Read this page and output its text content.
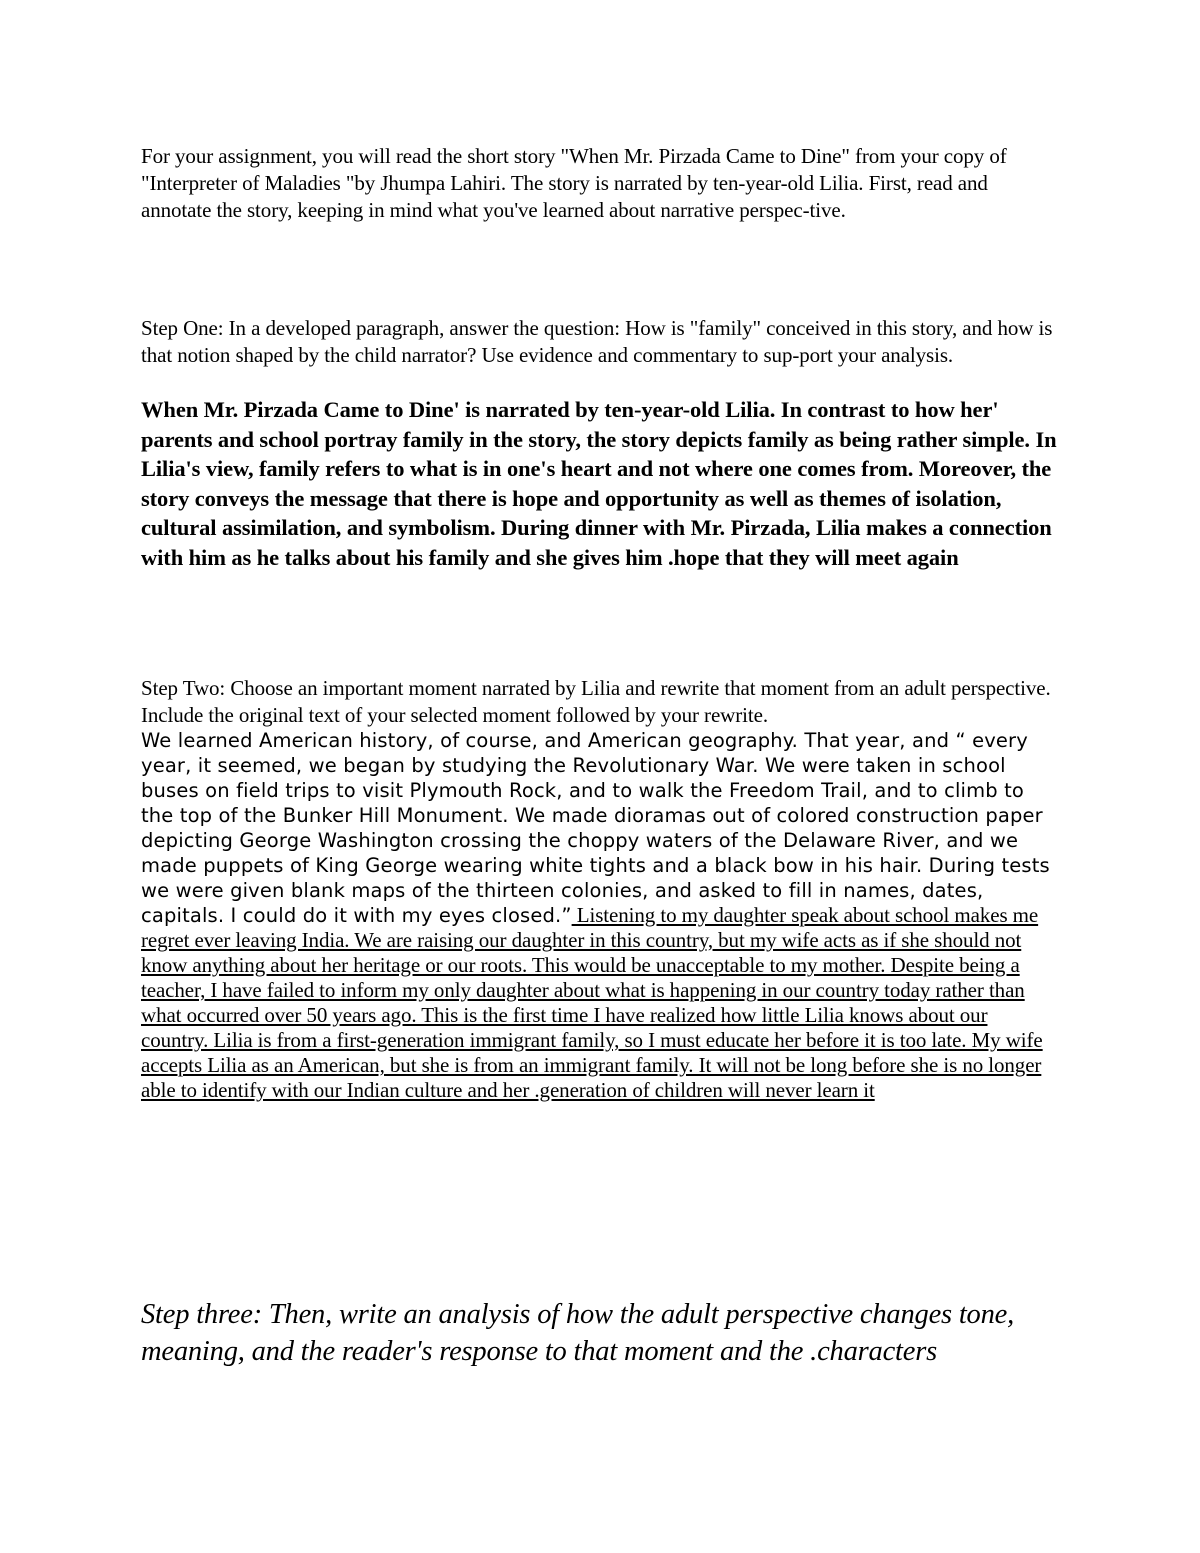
For your assignment, you will read the short story "When Mr. Pirzada Came to Dine" from your copy of "Interpreter of Maladies "by Jhumpa Lahiri. The story is narrated by ten-year-old Lilia. First, read and annotate the story, keeping in mind what you've learned about narrative perspec-tive.

Step One: In a developed paragraph, answer the question: How is "family" conceived in this story, and how is that notion shaped by the child narrator? Use evidence and commentary to sup-port your analysis.

When Mr. Pirzada Came to Dine' is narrated by ten-year-old Lilia. In contrast to how her' parents and school portray family in the story, the story depicts family as being rather simple. In Lilia's view, family refers to what is in one's heart and not where one comes from. Moreover, the story conveys the message that there is hope and opportunity as well as themes of isolation, cultural assimilation, and symbolism. During dinner with Mr. Pirzada, Lilia makes a connection with him as he talks about his family and she gives him .hope that they will meet again

Step Two: Choose an important moment narrated by Lilia and rewrite that moment from an adult perspective. Include the original text of your selected moment followed by your rewrite.

We learned American history, of course, and American geography. That year, and “ every year, it seemed, we began by studying the Revolutionary War. We were taken in school buses on field trips to visit Plymouth Rock, and to walk the Freedom Trail, and to climb to the top of the Bunker Hill Monument. We made dioramas out of colored construction paper depicting George Washington crossing the choppy waters of the Delaware River, and we made puppets of King George wearing white tights and a black bow in his hair. During tests we were given blank maps of the thirteen colonies, and asked to fill in names, dates, capitals. I could do it with my eyes closed.” Listening to my daughter speak about school makes me regret ever leaving India. We are raising our daughter in this country, but my wife acts as if she should not know anything about her heritage or our roots. This would be unacceptable to my mother. Despite being a teacher, I have failed to inform my only daughter about what is happening in our country today rather than what occurred over 50 years ago. This is the first time I have realized how little Lilia knows about our country. Lilia is from a first-generation immigrant family, so I must educate her before it is too late. My wife accepts Lilia as an American, but she is from an immigrant family. It will not be long before she is no longer able to identify with our Indian culture and her .generation of children will never learn it

Step three: Then, write an analysis of how the adult perspective changes tone, meaning, and the reader's response to that moment and the .characters
